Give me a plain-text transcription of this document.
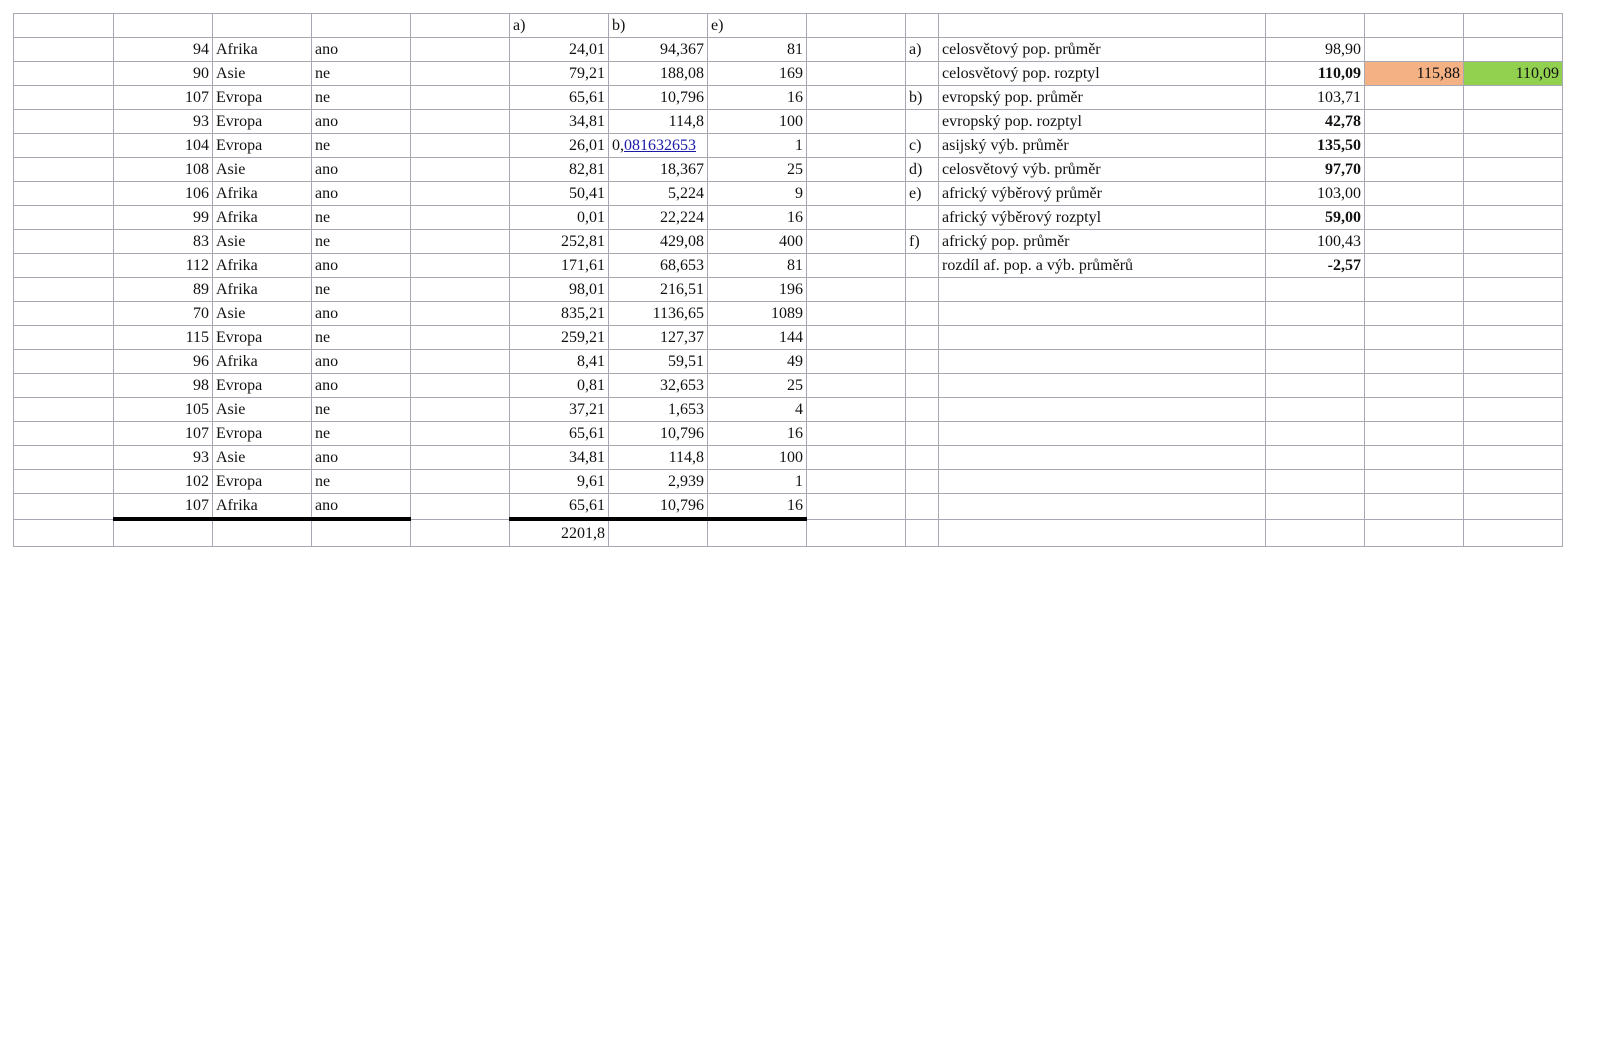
					a)	b)	e)						
	94	Afrika	ano		24,01	94,367	81		a)	celosvětový pop. průměr	98,90		
	90	Asie	ne		79,21	188,08	169			celosvětový pop. rozptyl	110,09	115,88	110,09
	107	Evropa	ne		65,61	10,796	16		b)	evropský pop. průměr	103,71		
	93	Evropa	ano		34,81	114,8	100			evropský pop. rozptyl	42,78		
	104	Evropa	ne		26,01	0,081632653	1		c)	asijský výb. průměr	135,50		
	108	Asie	ano		82,81	18,367	25		d)	celosvětový výb. průměr	97,70		
	106	Afrika	ano		50,41	5,224	9		e)	africký výběrový průměr	103,00		
	99	Afrika	ne		0,01	22,224	16			africký výběrový rozptyl	59,00		
	83	Asie	ne		252,81	429,08	400		f)	africký pop. průměr	100,43		
	112	Afrika	ano		171,61	68,653	81			rozdíl af. pop. a výb. průměrů	-2,57		
	89	Afrika	ne		98,01	216,51	196						
	70	Asie	ano		835,21	1136,65	1089						
	115	Evropa	ne		259,21	127,37	144						
	96	Afrika	ano		8,41	59,51	49						
	98	Evropa	ano		0,81	32,653	25						
	105	Asie	ne		37,21	1,653	4						
	107	Evropa	ne		65,61	10,796	16						
	93	Asie	ano		34,81	114,8	100						
	102	Evropa	ne		9,61	2,939	1						
	107	Afrika	ano		65,61	10,796	16						
					2201,8								
